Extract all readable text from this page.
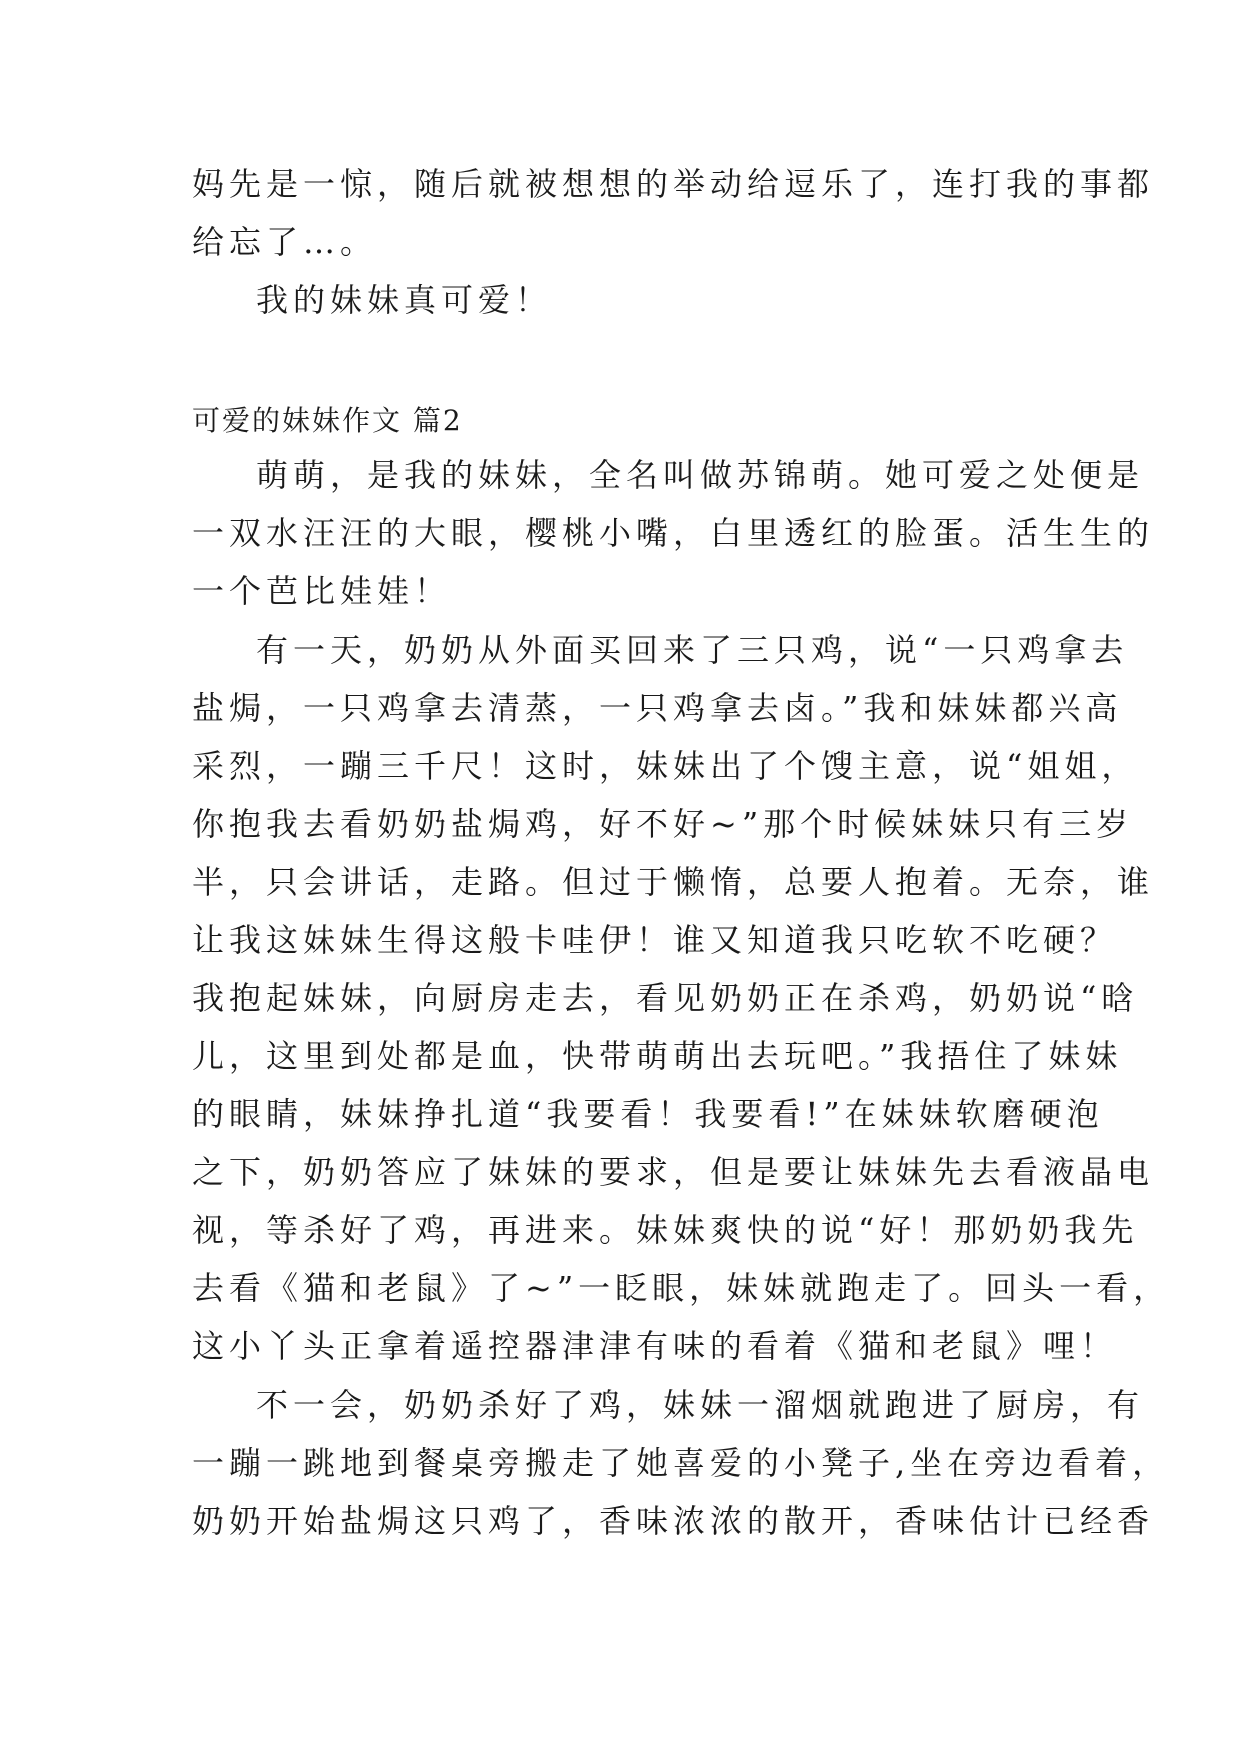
妈先是一惊，随后就被想想的举动给逗乐了，连打我的事都
给忘了…。
我的妹妹真可爱！
可爱的妹妹作文 篇2
萌萌，是我的妹妹，全名叫做苏锦萌。她可爱之处便是
一双水汪汪的大眼，樱桃小嘴，白里透红的脸蛋。活生生的
一个芭比娃娃！
有一天，奶奶从外面买回来了三只鸡，说“一只鸡拿去
盐焗，一只鸡拿去清蒸，一只鸡拿去卤。”我和妹妹都兴高
采烈，一蹦三千尺！这时，妹妹出了个馊主意，说“姐姐，
你抱我去看奶奶盐焗鸡，好不好~”那个时候妹妹只有三岁
半，只会讲话，走路。但过于懒惰，总要人抱着。无奈，谁
让我这妹妹生得这般卡哇伊！谁又知道我只吃软不吃硬？
我抱起妹妹，向厨房走去，看见奶奶正在杀鸡，奶奶说“晗
儿，这里到处都是血，快带萌萌出去玩吧。”我捂住了妹妹
的眼睛，妹妹挣扎道“我要看！我要看!”在妹妹软磨硬泡
之下，奶奶答应了妹妹的要求，但是要让妹妹先去看液晶电
视，等杀好了鸡，再进来。妹妹爽快的说“好！那奶奶我先
去看《猫和老鼠》了~”一眨眼，妹妹就跑走了。回头一看，
这小丫头正拿着遥控器津津有味的看着《猫和老鼠》哩！
不一会，奶奶杀好了鸡，妹妹一溜烟就跑进了厨房，有
一蹦一跳地到餐桌旁搬走了她喜爱的小凳子,坐在旁边看着，
奶奶开始盐焗这只鸡了，香味浓浓的散开，香味估计已经香
